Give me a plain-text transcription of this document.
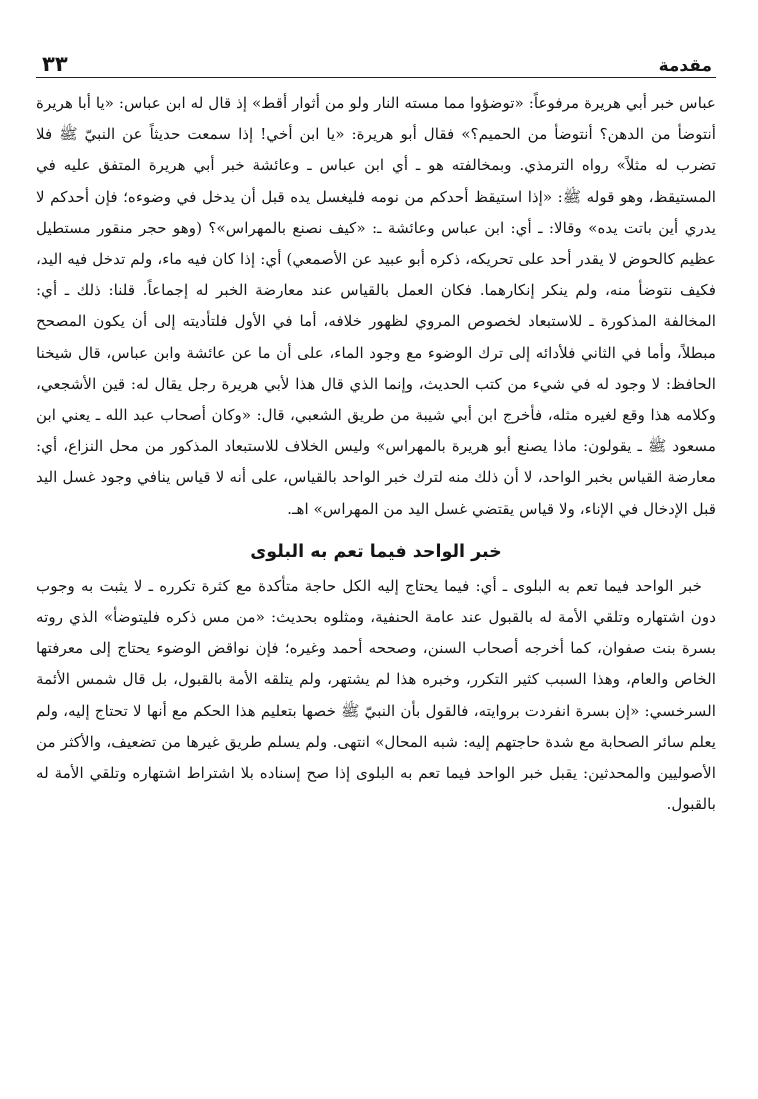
مقدمة
٣٣

عباس خبر أبي هريرة مرفوعاً: «توضؤوا مما مسته النار ولو من أثوار أقط» إذ قال له ابن عباس: «يا أبا هريرة أنتوضأ من الدهن؟ أنتوضأ من الحميم؟» فقال أبو هريرة: «يا ابن أخي! إذا سمعت حديثاً عن النبيّ ﷺ فلا تضرب له مثلاً» رواه الترمذي. وبمخالفته هو ـ أي ابن عباس ـ وعائشة خبر أبي هريرة المتفق عليه في المستيقظ، وهو قوله ﷺ: «إذا استيقظ أحدكم من نومه فليغسل يده قبل أن يدخل في وضوءه؛ فإن أحدكم لا يدري أين باتت يده» وقالا: ـ أي: ابن عباس وعائشة ـ: «كيف نصنع بالمهراس»؟ (وهو حجر منقور مستطيل عظيم كالحوض لا يقدر أحد على تحريكه، ذكره أبو عبيد عن الأصمعي) أي: إذا كان فيه ماء، ولم تدخل فيه اليد، فكيف نتوضأ منه، ولم ينكر إنكارهما. فكان العمل بالقياس عند معارضة الخبر له إجماعاً. قلنا: ذلك ـ أي: المخالفة المذكورة ـ للاستبعاد لخصوص المروي لظهور خلافه، أما في الأول فلتأديته إلى أن يكون المصحح مبطلاً، وأما في الثاني فلأدائه إلى ترك الوضوء مع وجود الماء، على أن ما عن عائشة وابن عباس، قال شيخنا الحافظ: لا وجود له في شيء من كتب الحديث، وإنما الذي قال هذا لأبي هريرة رجل يقال له: قين الأشجعي، وكلامه هذا وقع لغيره مثله، فأخرج ابن أبي شيبة من طريق الشعبي، قال: «وكان أصحاب عبد الله ـ يعني ابن مسعود ﷺ ـ يقولون: ماذا يصنع أبو هريرة بالمهراس» وليس الخلاف للاستبعاد المذكور من محل النزاع، أي: معارضة القياس بخبر الواحد، لا أن ذلك منه لترك خبر الواحد بالقياس، على أنه لا قياس ينافي وجود غسل اليد قبل الإدخال في الإناء، ولا قياس يقتضي غسل اليد من المهراس» اهـ.

خبر الواحد فيما تعم به البلوى

خبر الواحد فيما تعم به البلوى ـ أي: فيما يحتاج إليه الكل حاجة متأكدة مع كثرة تكرره ـ لا يثبت به وجوب دون اشتهاره وتلقي الأمة له بالقبول عند عامة الحنفية، ومثلوه بحديث: «من مس ذكره فليتوضأ» الذي روته بسرة بنت صفوان، كما أخرجه أصحاب السنن، وصححه أحمد وغيره؛ فإن نواقض الوضوء يحتاج إلى معرفتها الخاص والعام، وهذا السبب كثير التكرر، وخبره هذا لم يشتهر، ولم يتلقه الأمة بالقبول، بل قال شمس الأئمة السرخسي: «إن بسرة انفردت بروايته، فالقول بأن النبيّ ﷺ خصها بتعليم هذا الحكم مع أنها لا تحتاج إليه، ولم يعلم سائر الصحابة مع شدة حاجتهم إليه: شبه المحال» انتهى. ولم يسلم طريق غيرها من تضعيف، والأكثر من الأصوليين والمحدثين: يقبل خبر الواحد فيما تعم به البلوى إذا صح إسناده بلا اشتراط اشتهاره وتلقي الأمة له بالقبول.
